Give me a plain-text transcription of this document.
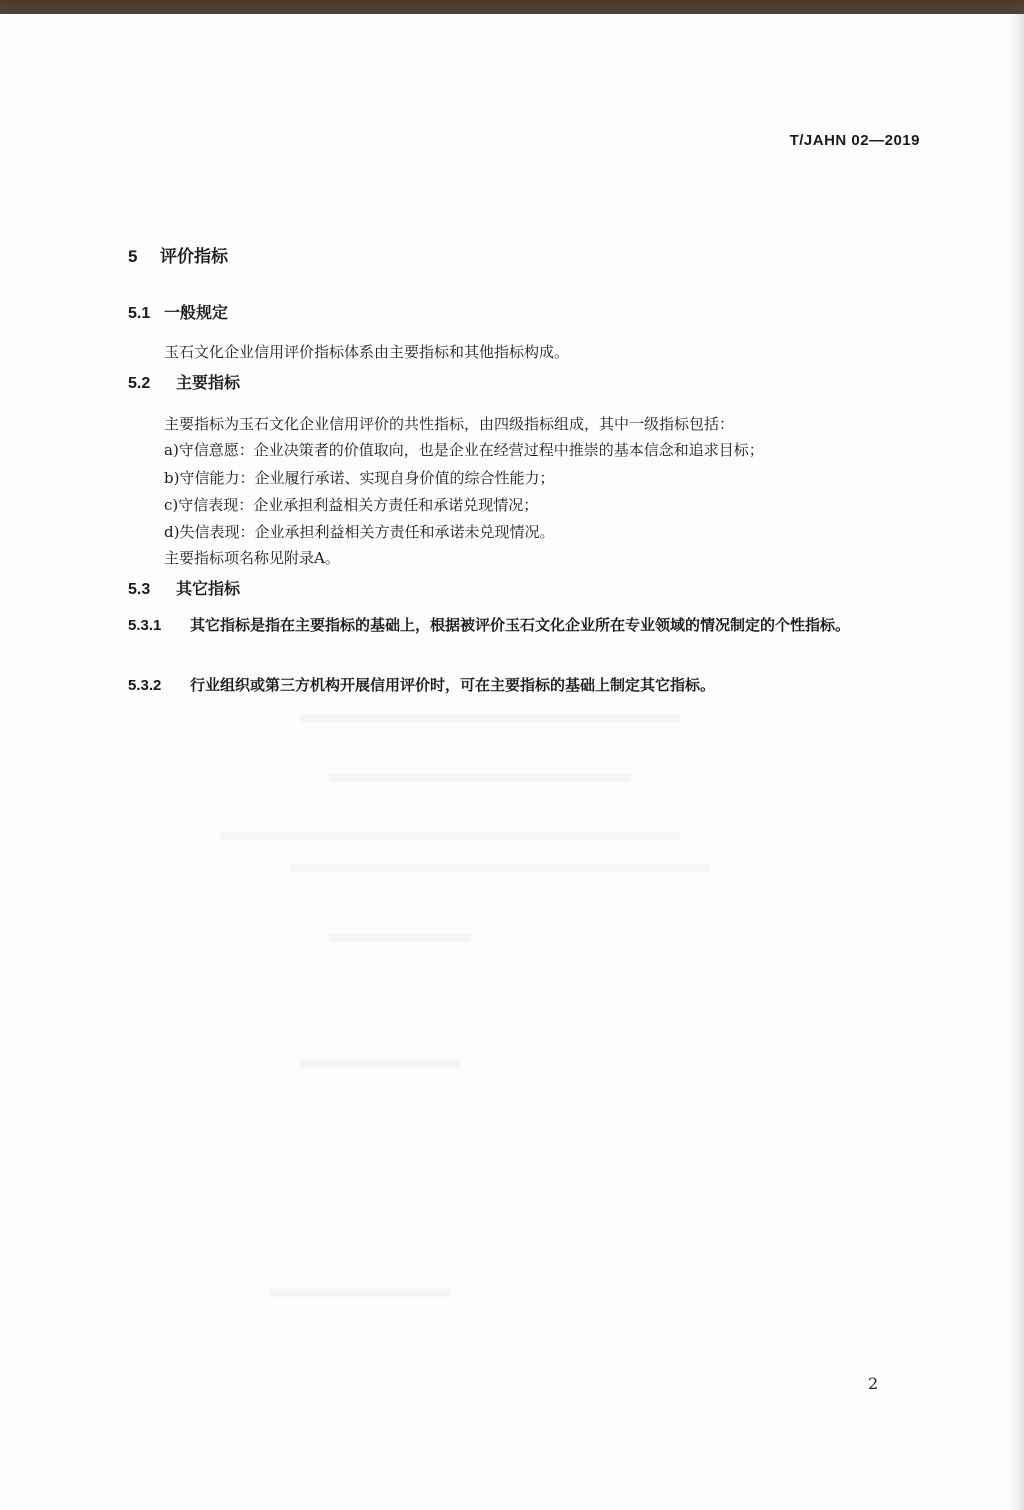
T/JAHN 02—2019
5 评价指标
5.1 一般规定
玉石文化企业信用评价指标体系由主要指标和其他指标构成。
5.2 主要指标
主要指标为玉石文化企业信用评价的共性指标，由四级指标组成，其中一级指标包括：
a)守信意愿：企业决策者的价值取向，也是企业在经营过程中推崇的基本信念和追求目标；
b)守信能力：企业履行承诺、实现自身价值的综合性能力；
c)守信表现：企业承担利益相关方责任和承诺兑现情况；
d)失信表现：企业承担利益相关方责任和承诺未兑现情况。
主要指标项名称见附录A。
5.3 其它指标
5.3.1 其它指标是指在主要指标的基础上，根据被评价玉石文化企业所在专业领域的情况制定的个性指标。
5.3.2 行业组织或第三方机构开展信用评价时，可在主要指标的基础上制定其它指标。
2
